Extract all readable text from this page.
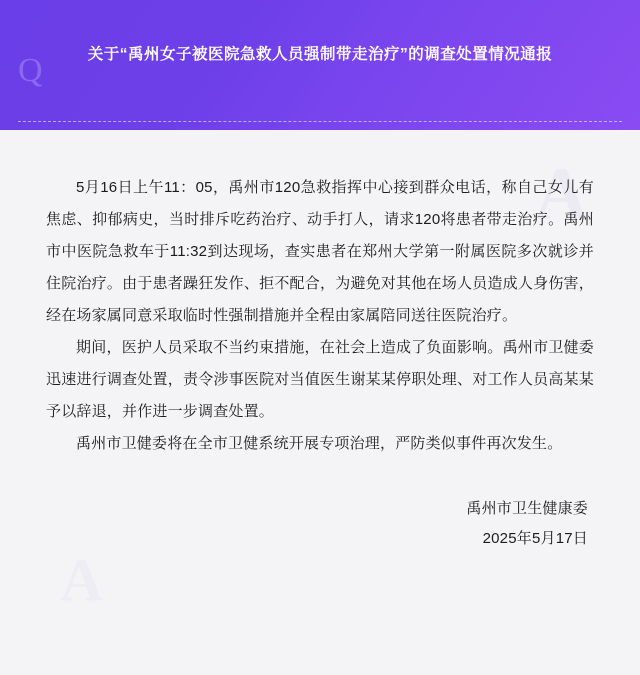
Q	关于“禹州女子被医院急救人员强制带走治疗”的调查处置情况通报
A

5月16日上午11：05，禹州市120急救指挥中心接到群众电话，称自己女儿有焦虑、抑郁病史，当时排斥吃药治疗、动手打人，请求120将患者带走治疗。禹州市中医院急救车于11:32到达现场，查实患者在郑州大学第一附属医院多次就诊并住院治疗。由于患者躁狂发作、拒不配合，为避免对其他在场人员造成人身伤害，经在场家属同意采取临时性强制措施并全程由家属陪同送往医院治疗。

期间，医护人员采取不当约束措施，在社会上造成了负面影响。禹州市卫健委迅速进行调查处置，责令涉事医院对当值医生谢某某停职处理、对工作人员高某某予以辞退，并作进一步调查处置。

禹州市卫健委将在全市卫健系统开展专项治理，严防类似事件再次发生。

禹州市卫生健康委
2025年5月17日
